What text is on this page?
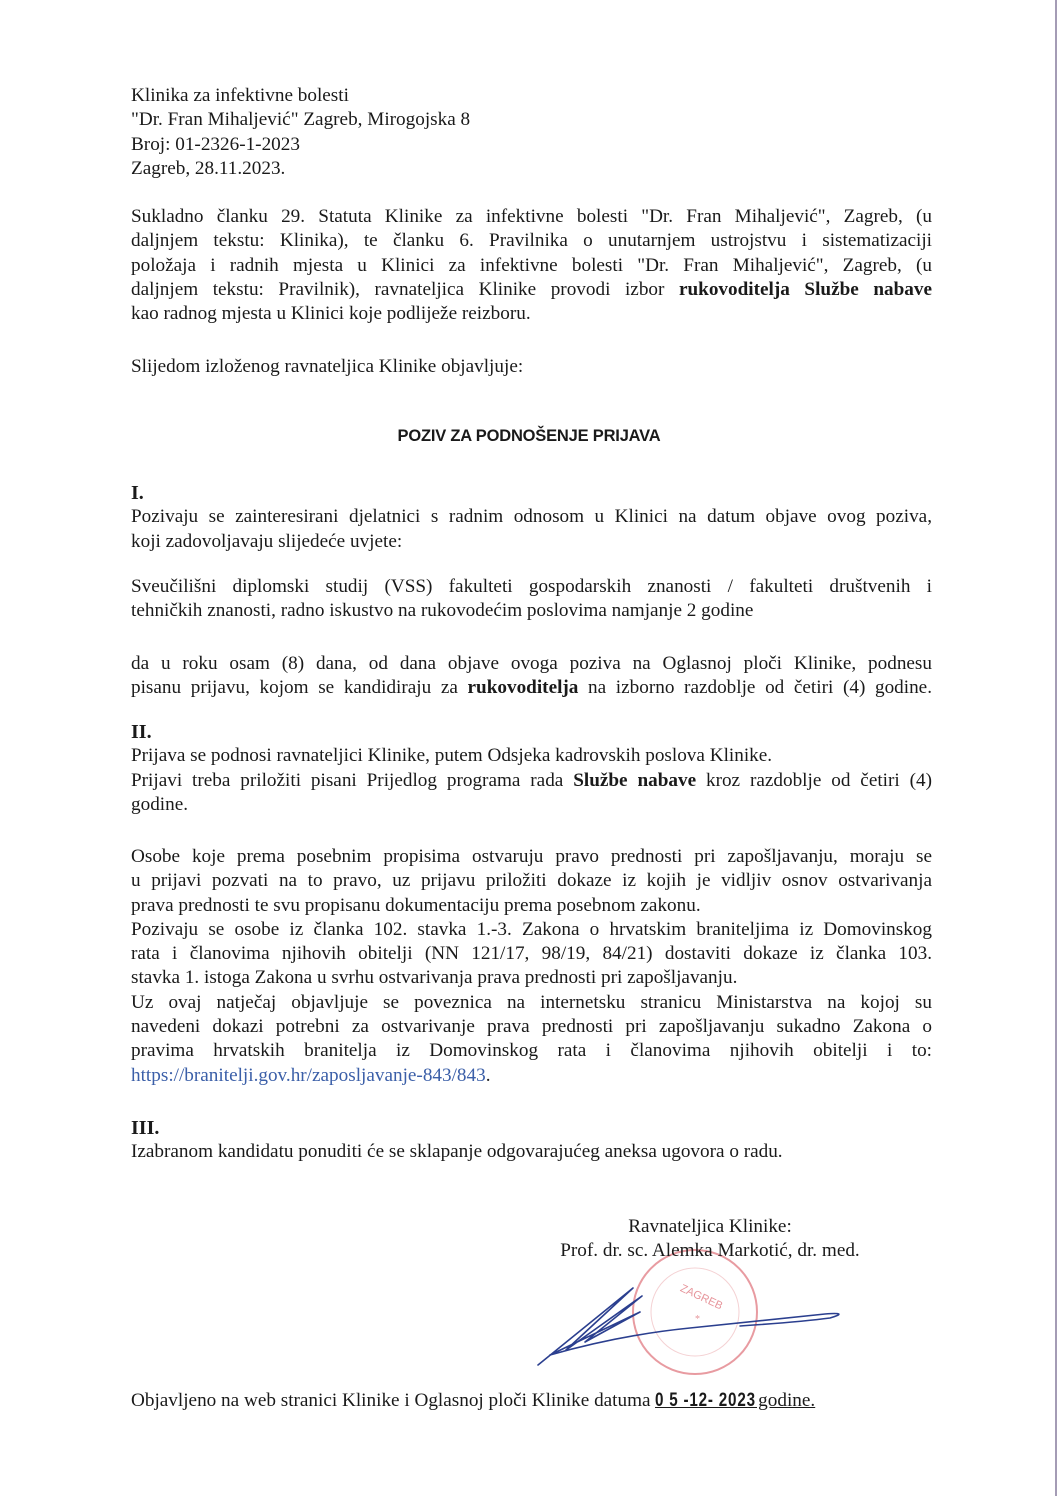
Klinika za infektivne bolesti
"Dr. Fran Mihaljević" Zagreb, Mirogojska 8
Broj: 01-2326-1-2023
Zagreb, 28.11.2023.
Sukladno članku 29. Statuta Klinike za infektivne bolesti "Dr. Fran Mihaljević", Zagreb, (u
daljnjem tekstu: Klinika), te članku 6. Pravilnika o unutarnjem ustrojstvu i sistematizaciji
položaja i radnih mjesta u Klinici za infektivne bolesti "Dr. Fran Mihaljević", Zagreb, (u
daljnjem tekstu: Pravilnik), ravnateljica Klinike provodi izbor rukovoditelja Službe nabave
kao radnog mjesta u Klinici koje podliježe reizboru.
Slijedom izloženog ravnateljica Klinike objavljuje:
POZIV ZA PODNOŠENJE PRIJAVA
I.
Pozivaju se zainteresirani djelatnici s radnim odnosom u Klinici na datum objave ovog poziva,
koji zadovoljavaju slijedeće uvjete:
Sveučilišni diplomski studij (VSS) fakulteti gospodarskih znanosti / fakulteti društvenih i
tehničkih znanosti, radno iskustvo na rukovodećim poslovima namjanje 2 godine
da u roku osam (8) dana, od dana objave ovoga poziva na Oglasnoj ploči Klinike, podnesu
pisanu prijavu, kojom se kandidiraju za rukovoditelja na izborno razdoblje od četiri (4) godine.
II.
Prijava se podnosi ravnateljici Klinike, putem Odsjeka kadrovskih poslova Klinike.
Prijavi treba priložiti pisani Prijedlog programa rada Službe nabave kroz razdoblje od četiri (4)
godine.
Osobe koje prema posebnim propisima ostvaruju pravo prednosti pri zapošljavanju, moraju se
u prijavi pozvati na to pravo, uz prijavu priložiti dokaze iz kojih je vidljiv osnov ostvarivanja
prava prednosti te svu propisanu dokumentaciju prema posebnom zakonu.
Pozivaju se osobe iz članka 102. stavka 1.-3. Zakona o hrvatskim braniteljima iz Domovinskog
rata i članovima njihovih obitelji (NN 121/17, 98/19, 84/21) dostaviti dokaze iz članka 103.
stavka 1. istoga Zakona u svrhu ostvarivanja prava prednosti pri zapošljavanju.
Uz ovaj natječaj objavljuje se poveznica na internetsku stranicu Ministarstva na kojoj su
navedeni dokazi potrebni za ostvarivanje prava prednosti pri zapošljavanju sukadno Zakona o
pravima hrvatskih branitelja iz Domovinskog rata i članovima njihovih obitelji i to:
https://branitelji.gov.hr/zaposljavanje-843/843.
III.
Izabranom kandidatu ponuditi će se sklapanje odgovarajućeg aneksa ugovora o radu.
ZAGREB
*
Ravnateljica Klinike:
Prof. dr. sc. Alemka Markotić, dr. med.
Objavljeno na web stranici Klinike i Oglasnoj ploči Klinike datuma 0 5 -12- 2023 godine.
